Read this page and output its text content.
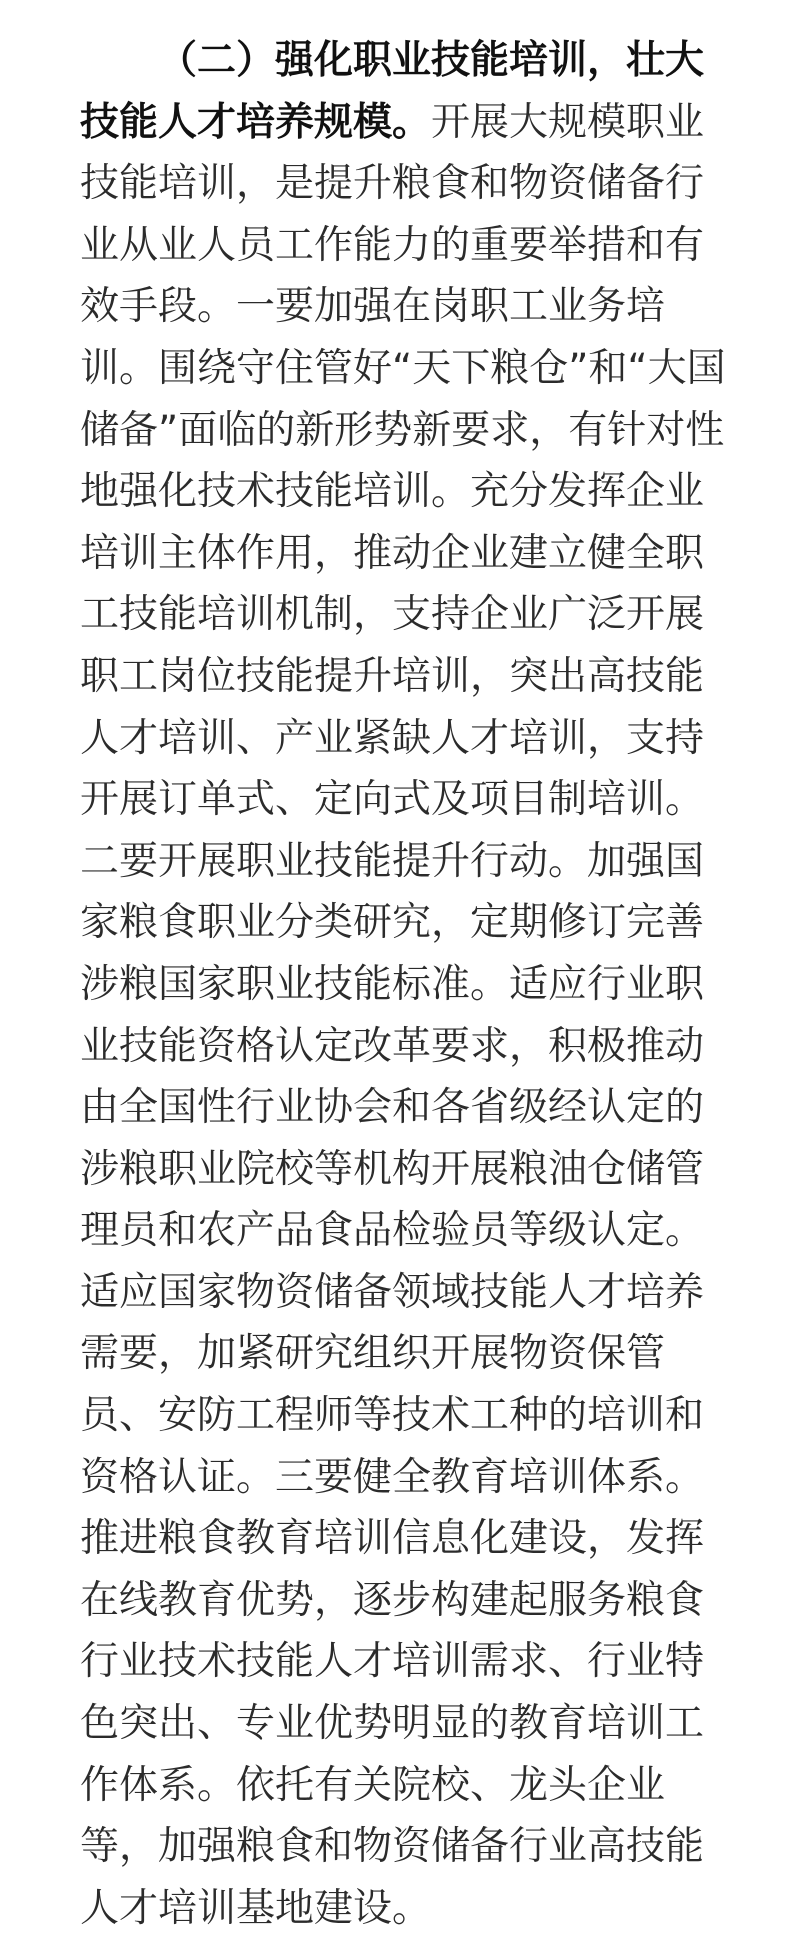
（二）强化职业技能培训，壮大
技能人才培养规模。开展大规模职业
技能培训，是提升粮食和物资储备行
业从业人员工作能力的重要举措和有
效手段。一要加强在岗职工业务培
训。围绕守住管好“天下粮仓”和“大国
储备”面临的新形势新要求，有针对性
地强化技术技能培训。充分发挥企业
培训主体作用，推动企业建立健全职
工技能培训机制，支持企业广泛开展
职工岗位技能提升培训，突出高技能
人才培训、产业紧缺人才培训，支持
开展订单式、定向式及项目制培训。
二要开展职业技能提升行动。加强国
家粮食职业分类研究，定期修订完善
涉粮国家职业技能标准。适应行业职
业技能资格认定改革要求，积极推动
由全国性行业协会和各省级经认定的
涉粮职业院校等机构开展粮油仓储管
理员和农产品食品检验员等级认定。
适应国家物资储备领域技能人才培养
需要，加紧研究组织开展物资保管
员、安防工程师等技术工种的培训和
资格认证。三要健全教育培训体系。
推进粮食教育培训信息化建设，发挥
在线教育优势，逐步构建起服务粮食
行业技术技能人才培训需求、行业特
色突出、专业优势明显的教育培训工
作体系。依托有关院校、龙头企业
等，加强粮食和物资储备行业高技能
人才培训基地建设。
